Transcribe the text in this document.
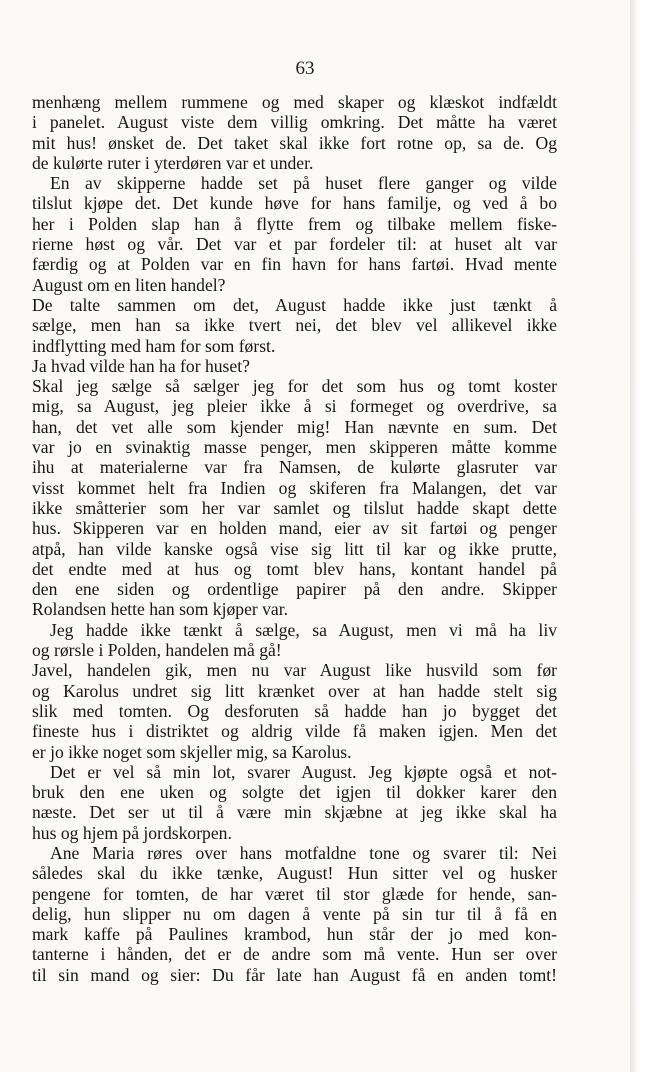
63
menhæng mellem rummene og med skaper og klæskot indfældt
i panelet. August viste dem villig omkring. Det måtte ha været
mit hus! ønsket de. Det taket skal ikke fort rotne op, sa de. Og
de kulørte ruter i yterdøren var et under.
En av skipperne hadde set på huset flere ganger og vilde
tilslut kjøpe det. Det kunde høve for hans familje, og ved å bo
her i Polden slap han å flytte frem og tilbake mellem fiske-
rierne høst og vår. Det var et par fordeler til: at huset alt var
færdig og at Polden var en fin havn for hans fartøi. Hvad mente
August om en liten handel?
De talte sammen om det, August hadde ikke just tænkt å
sælge, men han sa ikke tvert nei, det blev vel allikevel ikke
indflytting med ham for som først.
Ja hvad vilde han ha for huset?
Skal jeg sælge så sælger jeg for det som hus og tomt koster
mig, sa August, jeg pleier ikke å si formeget og overdrive, sa
han, det vet alle som kjender mig! Han nævnte en sum. Det
var jo en svinaktig masse penger, men skipperen måtte komme
ihu at materialerne var fra Namsen, de kulørte glasruter var
visst kommet helt fra Indien og skiferen fra Malangen, det var
ikke småtterier som her var samlet og tilslut hadde skapt dette
hus. Skipperen var en holden mand, eier av sit fartøi og penger
atpå, han vilde kanske også vise sig litt til kar og ikke prutte,
det endte med at hus og tomt blev hans, kontant handel på
den ene siden og ordentlige papirer på den andre. Skipper
Rolandsen hette han som kjøper var.
Jeg hadde ikke tænkt å sælge, sa August, men vi må ha liv
og rørsle i Polden, handelen må gå!
Javel, handelen gik, men nu var August like husvild som før
og Karolus undret sig litt krænket over at han hadde stelt sig
slik med tomten. Og desforuten så hadde han jo bygget det
fineste hus i distriktet og aldrig vilde få maken igjen. Men det
er jo ikke noget som skjeller mig, sa Karolus.
Det er vel så min lot, svarer August. Jeg kjøpte også et not-
bruk den ene uken og solgte det igjen til dokker karer den
næste. Det ser ut til å være min skjæbne at jeg ikke skal ha
hus og hjem på jordskorpen.
Ane Maria røres over hans motfaldne tone og svarer til: Nei
således skal du ikke tænke, August! Hun sitter vel og husker
pengene for tomten, de har været til stor glæde for hende, san-
delig, hun slipper nu om dagen å vente på sin tur til å få en
mark kaffe på Paulines krambod, hun står der jo med kon-
tanterne i hånden, det er de andre som må vente. Hun ser over
til sin mand og sier: Du får late han August få en anden tomt!
